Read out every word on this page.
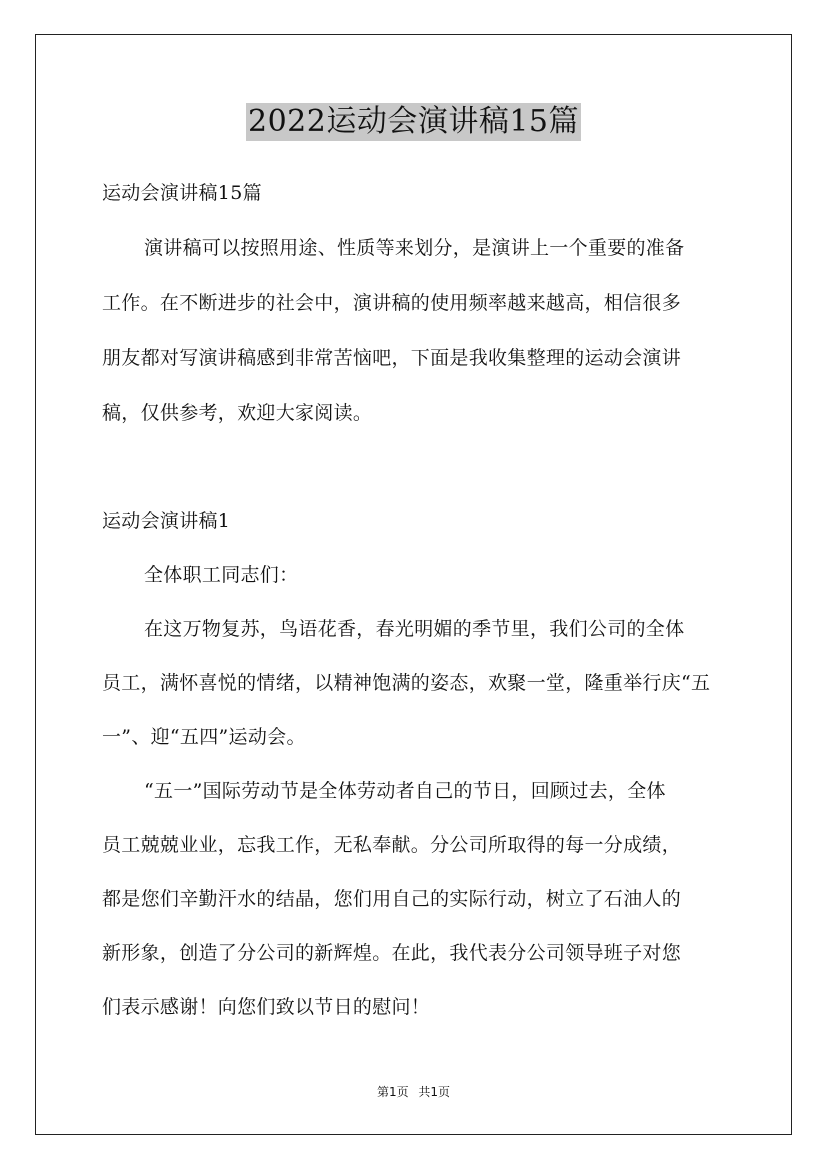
2022运动会演讲稿15篇
运动会演讲稿15篇
演讲稿可以按照用途、性质等来划分，是演讲上一个重要的准备
工作。在不断进步的社会中，演讲稿的使用频率越来越高，相信很多
朋友都对写演讲稿感到非常苦恼吧，下面是我收集整理的运动会演讲
稿，仅供参考，欢迎大家阅读。
运动会演讲稿1
全体职工同志们：
在这万物复苏，鸟语花香，春光明媚的季节里，我们公司的全体
员工，满怀喜悦的情绪，以精神饱满的姿态，欢聚一堂，隆重举行庆“五
一”、迎“五四”运动会。
“五一”国际劳动节是全体劳动者自己的节日，回顾过去，全体
员工兢兢业业，忘我工作，无私奉献。分公司所取得的每一分成绩，
都是您们辛勤汗水的结晶，您们用自己的实际行动，树立了石油人的
新形象，创造了分公司的新辉煌。在此，我代表分公司领导班子对您
们表示感谢！向您们致以节日的慰问！
第1页 共1页
